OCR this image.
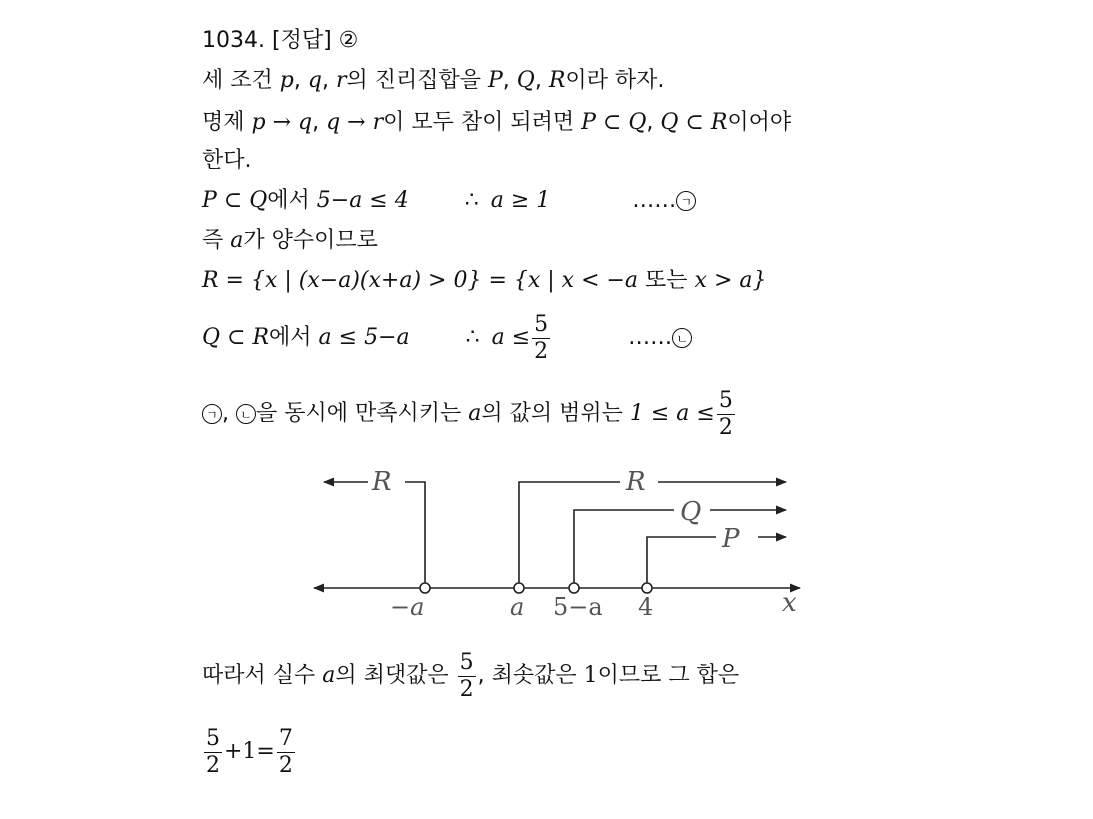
1034. [정답] ②
세 조건 p, q, r의 진리집합을 P, Q, R이라 하자.
명제 p → q, q → r이 모두 참이 되려면 P ⊂ Q, Q ⊂ R이어야
한다.
P ⊂ Q에서 5−a ≤ 4	∴ a ≥ 1	…… ㄱ
즉 a가 양수이므로
R = {x | (x−a)(x+a) > 0} = {x | x < −a 또는 x > a}
Q ⊂ R에서 a ≤ 5−a	∴ $a \le \frac{5}{2}$	…… ㄴ
ㄱ , ㄴ 을 동시에 만족시키는 a의 값의 범위는 $1 \le a \le \frac{5}{2}$
R	R
Q
P
x
−a	a 5−a 4
따라서 실수 a의 최댓값은 $\frac{5}{2}$ , 최솟값은 1이므로 그 합은
$\frac{5}{2} +1= \frac{7}{2}$
